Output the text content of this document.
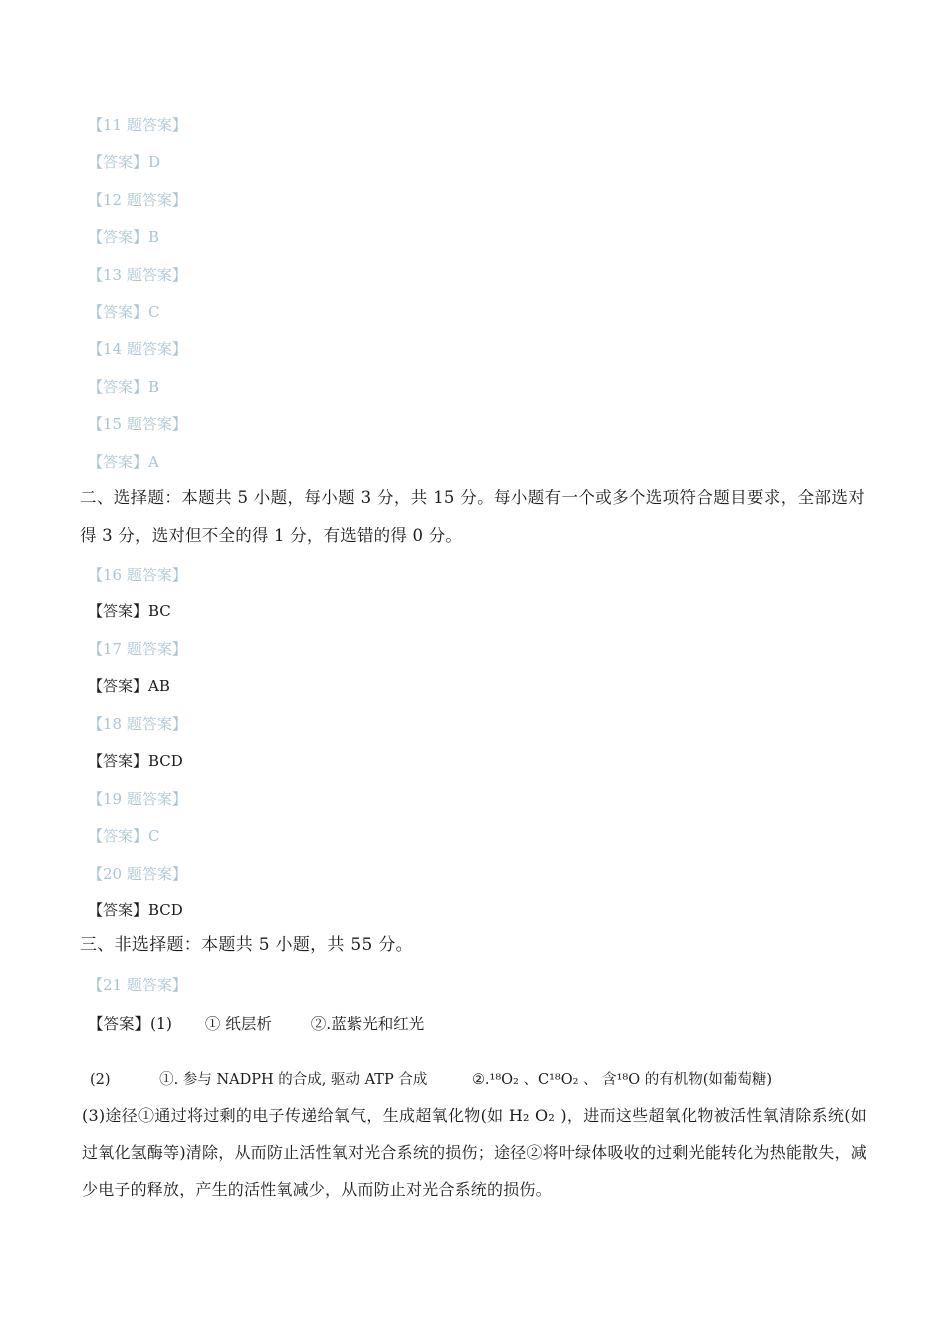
【11 题答案】
【答案】D
【12 题答案】
【答案】B
【13 题答案】
【答案】C
【14 题答案】
【答案】B
【15 题答案】
【答案】A
二、选择题：本题共 5 小题，每小题 3 分，共 15 分。每小题有一个或多个选项符合题目要求，全部选对得 3 分，选对但不全的得 1 分，有选错的得 0 分。
【16 题答案】
【答案】BC
【17 题答案】
【答案】AB
【18 题答案】
【答案】BCD
【19 题答案】
【答案】C
【20 题答案】
【答案】BCD
三、非选择题：本题共 5 小题，共 55 分。
【21 题答案】
【答案】(1) ① 纸层析	②.蓝紫光和红光
(2)	①. 参与 NADPH 的合成, 驱动 ATP 合成	②.¹⁸O₂ 、C¹⁸O₂ 、 含¹⁸O 的有机物(如葡萄糖)
(3)途径①通过将过剩的电子传递给氧气，生成超氧化物(如 H₂ O₂ )，进而这些超氧化物被活性氧清除系统(如过氧化氢酶等)清除，从而防止活性氧对光合系统的损伤；途径②将叶绿体吸收的过剩光能转化为热能散失，减少电子的释放，产生的活性氧减少，从而防止对光合系统的损伤。
